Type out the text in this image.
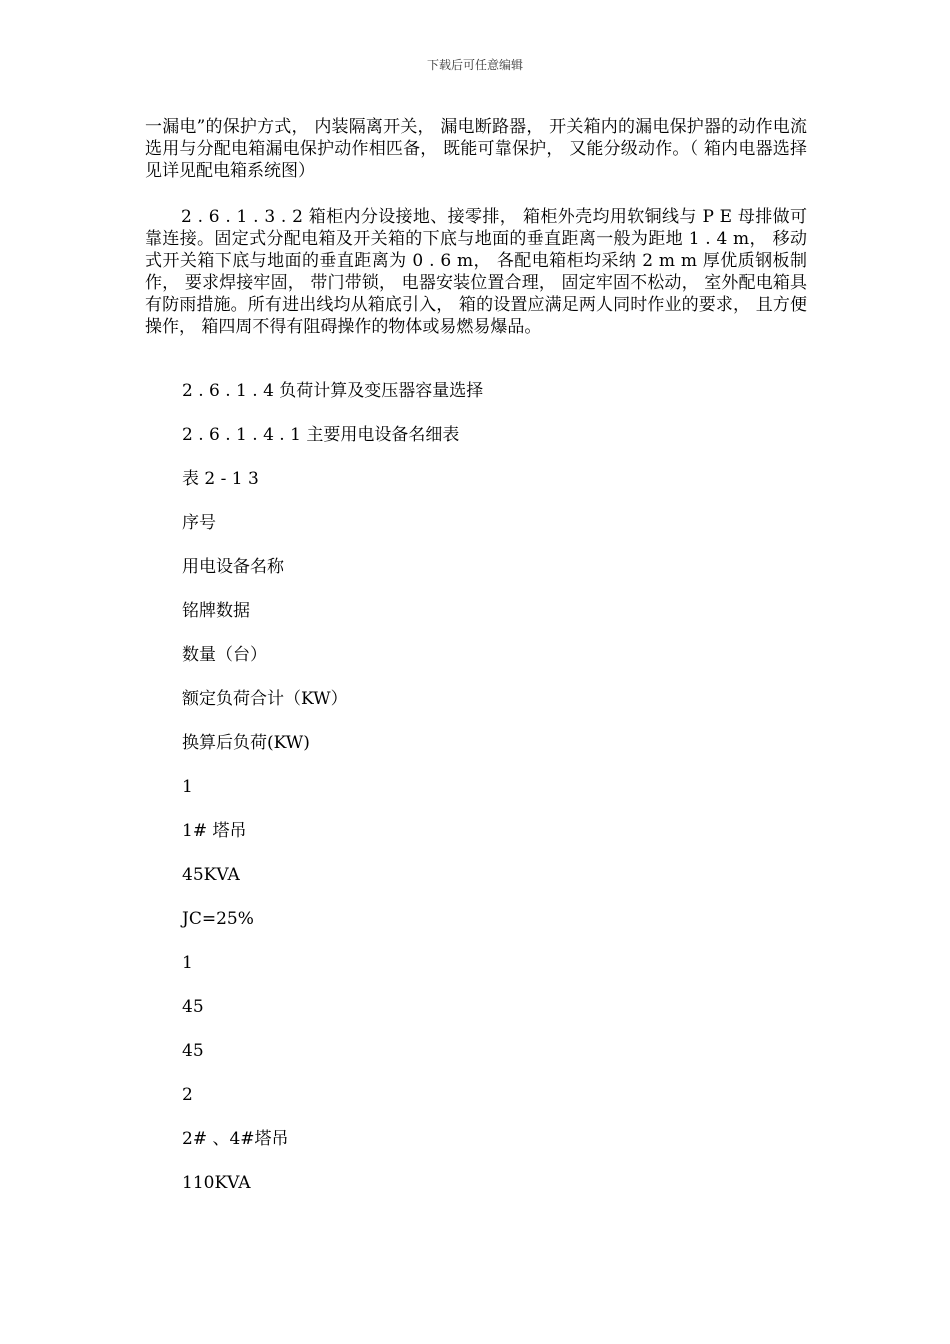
下载后可任意编辑
一漏电”的保护方式， 内装隔离开关， 漏电断路器， 开关箱内的漏电保护器的动作电流选用与分配电箱漏电保护动作相匹备， 既能可靠保护， 又能分级动作。（ 箱内电器选择见详见配电箱系统图）
2 . 6 . 1 . 3 . 2 箱柜内分设接地、接零排， 箱柜外壳均用软铜线与 P E 母排做可靠连接。固定式分配电箱及开关箱的下底与地面的垂直距离一般为距地 1 . 4 m， 移动式开关箱下底与地面的垂直距离为 0 . 6 m， 各配电箱柜均采纳 2 m m 厚优质钢板制作， 要求焊接牢固， 带门带锁， 电器安装位置合理， 固定牢固不松动， 室外配电箱具有防雨措施。所有进出线均从箱底引入， 箱的设置应满足两人同时作业的要求， 且方便操作， 箱四周不得有阻碍操作的物体或易燃易爆品。
2 . 6 . 1 . 4 负荷计算及变压器容量选择
2 . 6 . 1 . 4 . 1 主要用电设备名细表
表 2 - 1 3
序号
用电设备名称
铭牌数据
数量（台）
额定负荷合计（KW）
换算后负荷(KW)
1
1# 塔吊
45KVA
JC=25%
1
45
45
2
2# 、4#塔吊
110KVA
